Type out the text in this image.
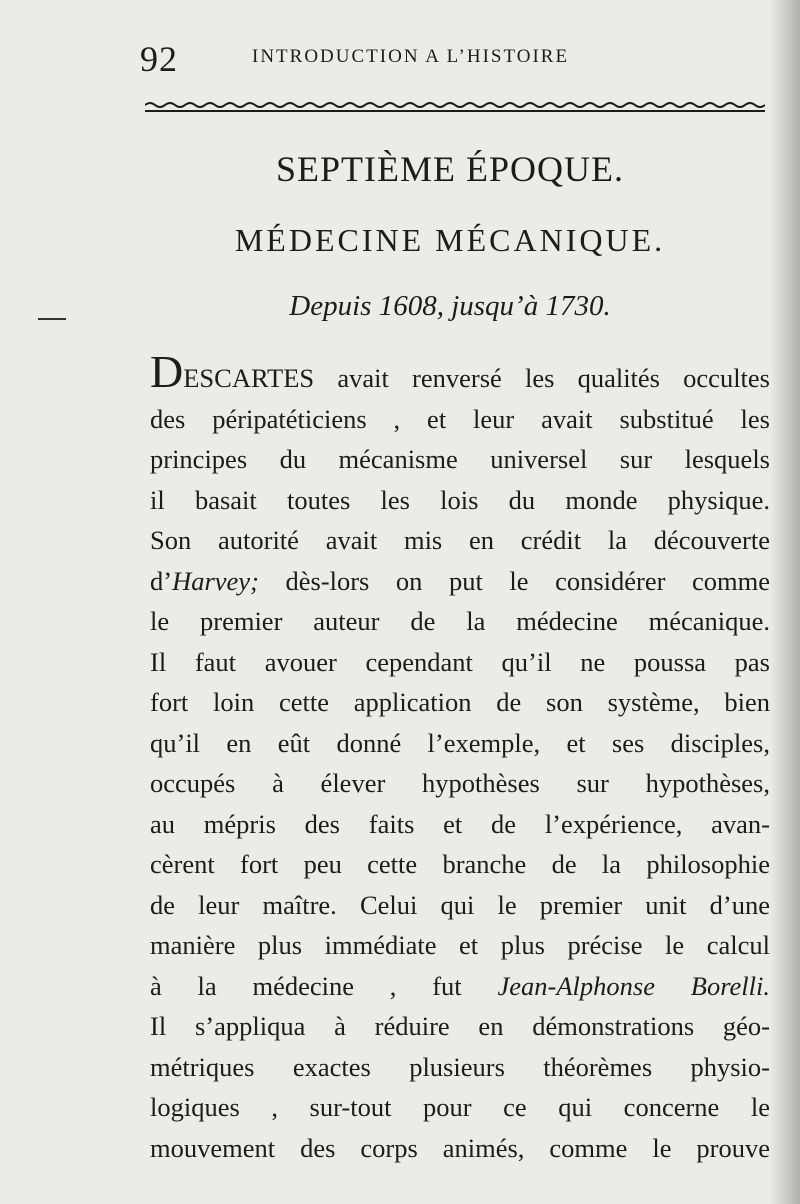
92	INTRODUCTION A L’HISTOIRE
SEPTIÈME ÉPOQUE.
MÉDECINE MÉCANIQUE.
Depuis 1608, jusqu’à 1730.
DESCARTES avait renversé les qualités occultes
des péripatéticiens , et leur avait substitué les
principes du mécanisme universel sur lesquels
il basait toutes les lois du monde physique.
Son autorité avait mis en crédit la découverte
d’Harvey; dès-lors on put le considérer comme
le premier auteur de la médecine mécanique.
Il faut avouer cependant qu’il ne poussa pas
fort loin cette application de son système, bien
qu’il en eût donné l’exemple, et ses disciples,
occupés à élever hypothèses sur hypothèses,
au mépris des faits et de l’expérience, avan-
cèrent fort peu cette branche de la philosophie
de leur maître. Celui qui le premier unit d’une
manière plus immédiate et plus précise le calcul
à la médecine , fut Jean-Alphonse Borelli.
Il s’appliqua à réduire en démonstrations géo-
métriques exactes plusieurs théorèmes physio-
logiques , sur-tout pour ce qui concerne le
mouvement des corps animés, comme le prouve
